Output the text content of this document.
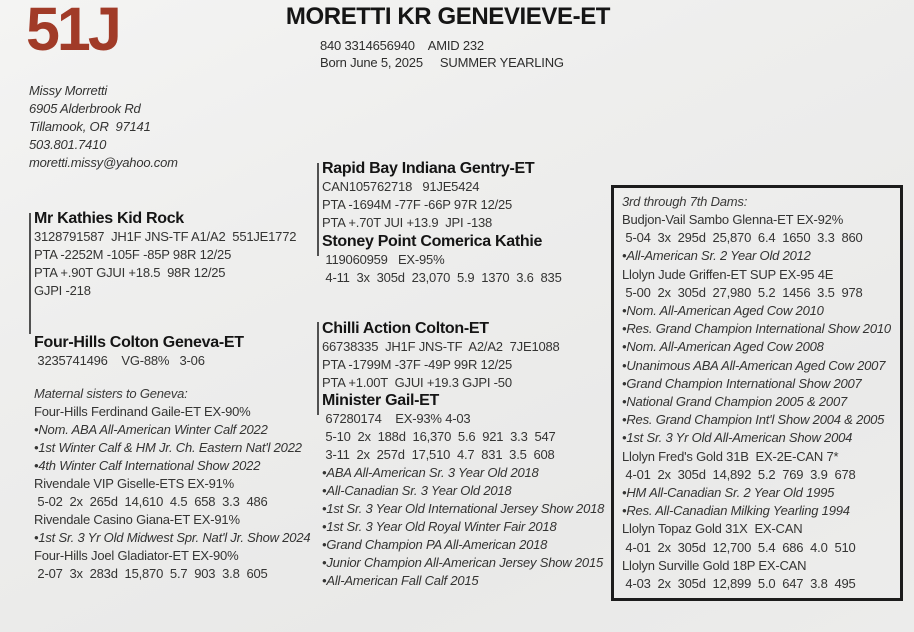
51J	MORETTI KR GENEVIEVE-ET
840 3314656940    AMID 232
Born June 5, 2025     SUMMER YEARLING
Missy Morretti
6905 Alderbrook Rd
Tillamook, OR  97141
503.801.7410
moretti.missy@yahoo.com
Mr Kathies Kid Rock
3128791587  JH1F JNS-TF A1/A2  551JE1772
PTA -2252M -105F -85P 98R 12/25
PTA +.90T GJUI +18.5  98R 12/25
GJPI -218
Four-Hills Colton Geneva-ET
3235741496    VG-88%   3-06
Maternal sisters to Geneva:
Four-Hills Ferdinand Gaile-ET EX-90%
•Nom. ABA All-American Winter Calf 2022
•1st Winter Calf & HM Jr. Ch. Eastern Nat'l 2022
•4th Winter Calf International Show 2022
Rivendale VIP Giselle-ETS EX-91%
5-02  2x  265d  14,610  4.5  658  3.3  486
Rivendale Casino Giana-ET EX-91%
•1st Sr. 3 Yr Old Midwest Spr. Nat'l Jr. Show 2024
Four-Hills Joel Gladiator-ET EX-90%
2-07  3x  283d  15,870  5.7  903  3.8  605
Rapid Bay Indiana Gentry-ET
CAN105762718   91JE5424
PTA -1694M -77F -66P 97R 12/25
PTA +.70T JUI +13.9  JPI -138
Stoney Point Comerica Kathie
119060959   EX-95%
4-11  3x  305d  23,070  5.9  1370  3.6  835
Chilli Action Colton-ET
66738335  JH1F JNS-TF  A2/A2  7JE1088
PTA -1799M -37F -49P 99R 12/25
PTA +1.00T  GJUI +19.3 GJPI -50
Minister Gail-ET
67280174    EX-93% 4-03
5-10  2x  188d  16,370  5.6  921  3.3  547
3-11  2x  257d  17,510  4.7  831  3.5  608
•ABA All-American Sr. 3 Year Old 2018
•All-Canadian Sr. 3 Year Old 2018
•1st Sr. 3 Year Old International Jersey Show 2018
•1st Sr. 3 Year Old Royal Winter Fair 2018
•Grand Champion PA All-American 2018
•Junior Champion All-American Jersey Show 2015
•All-American Fall Calf 2015
3rd through 7th Dams:
Budjon-Vail Sambo Glenna-ET EX-92%
5-04  3x  295d  25,870  6.4  1650  3.3  860
•All-American Sr. 2 Year Old 2012
Llolyn Jude Griffen-ET SUP EX-95 4E
5-00  2x  305d  27,980  5.2  1456  3.5  978
•Nom. All-American Aged Cow 2010
•Res. Grand Champion International Show 2010
•Nom. All-American Aged Cow 2008
•Unanimous ABA All-American Aged Cow 2007
•Grand Champion International Show 2007
•National Grand Champion 2005 & 2007
•Res. Grand Champion Int'l Show 2004 & 2005
•1st Sr. 3 Yr Old All-American Show 2004
Llolyn Fred's Gold 31B  EX-2E-CAN 7*
4-01  2x  305d  14,892  5.2  769  3.9  678
•HM All-Canadian Sr. 2 Year Old 1995
•Res. All-Canadian Milking Yearling 1994
Llolyn Topaz Gold 31X  EX-CAN
4-01  2x  305d  12,700  5.4  686  4.0  510
Llolyn Surville Gold 18P EX-CAN
4-03  2x  305d  12,899  5.0  647  3.8  495
